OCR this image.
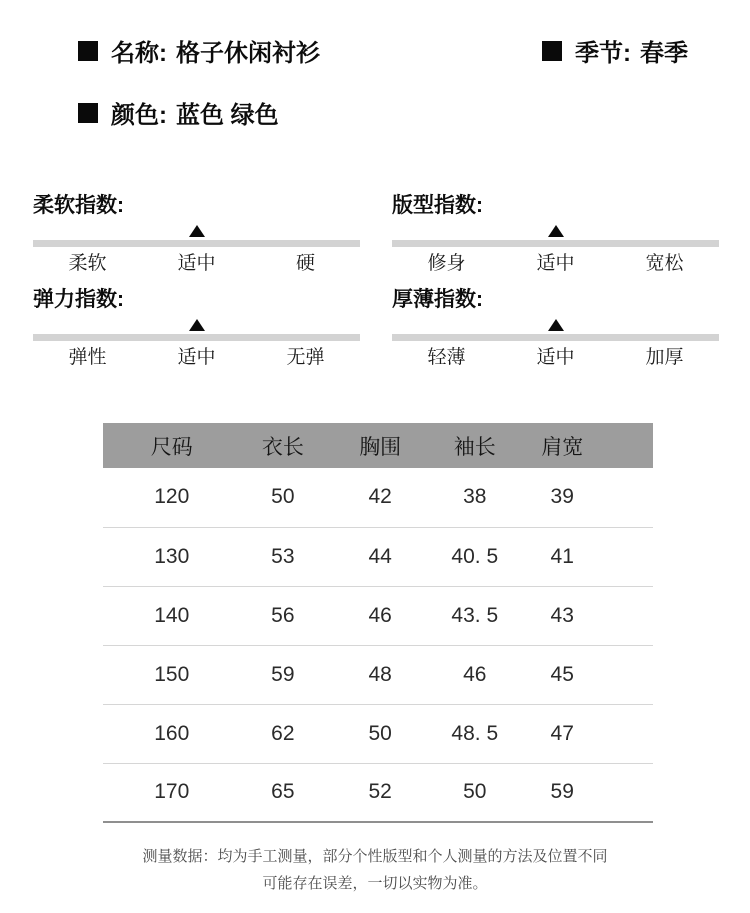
名称: 格子休闲衬衫	季节: 春季
颜色: 蓝色 绿色
柔软指数:
柔软	适中	硬
版型指数:
修身	适中	宽松
弹力指数:
弹性	适中	无弹
厚薄指数:
轻薄	适中	加厚
尺码	衣长	胸围	袖长	肩宽	
120	50	42	38	39	
130	53	44	40. 5	41	
140	56	46	43. 5	43	
150	59	48	46	45	
160	62	50	48. 5	47	
170	65	52	50	59	
测量数据：均为手工测量，部分个性版型和个人测量的方法及位置不同
可能存在误差，一切以实物为准。
